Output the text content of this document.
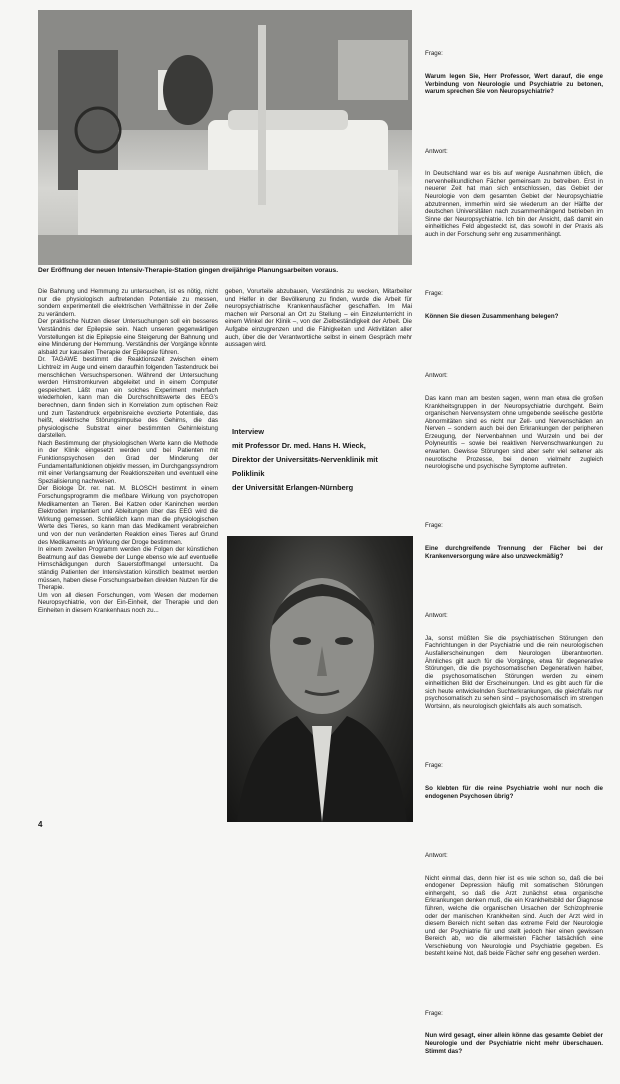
Der Eröffnung der neuen Intensiv-Therapie-Station gingen dreijährige Planungsarbeiten voraus.
Die Bahnung und Hemmung zu untersuchen, ist es nötig, nicht nur die physiologisch auftretenden Potentiale zu messen, sondern experimentell die elektrischen Verhältnisse in der Zelle zu verändern.
Der praktische Nutzen dieser Untersuchungen soll ein besseres Verständnis der Epilepsie sein. Nach unseren gegenwärtigen Vorstellungen ist die Epilepsie eine Steigerung der Bahnung und eine Minderung der Hemmung. Verständnis der Vorgänge könnte alsbald zur kausalen Therapie der Epilepsie führen.
Dr. TAGAWE bestimmt die Reaktionszeit zwischen einem Lichtreiz im Auge und einem daraufhin folgenden Tastendruck bei menschlichen Versuchspersonen. Während der Untersuchung werden Hirnstromkurven abgeleitet und in einem Computer gespeichert. Läßt man ein solches Experiment mehrfach wiederholen, kann man die Durchschnittswerte des EEG's berechnen, dann finden sich in Korrelation zum optischen Reiz und zum Tastendruck ergebnisreiche evozierte Potentiale, das heißt, elektrische Störungsimpulse des Gehirns, die das physiologische Substrat einer bestimmten Gehirnleistung darstellen.
Nach Bestimmung der physiologischen Werte kann die Methode in der Klinik eingesetzt werden und bei Patienten mit Funktionspsychosen den Grad der Minderung der Fundamentalfunktionen objektiv messen, im Durchgangssyndrom mit einer Verlangsamung der Reaktionszeiten und eventuell eine Spezialisierung nachweisen.
Der Biologe Dr. rer. nat. M. BLOSCH bestimmt in einem Forschungsprogramm die meßbare Wirkung von psychotropen Medikamenten an Tieren. Bei Katzen oder Kaninchen werden Elektroden implantiert und Ableitungen über das EEG wird die Wirkung gemessen. Schließlich kann man die physiologischen Werte des Tieres, so kann man das Medikament verabreichen und von der nun veränderten Reaktion eines Tieres auf Grund des Medikaments an Wirkung der Droge bestimmen.
In einem zweiten Programm werden die Folgen der künstlichen Beatmung auf das Gewebe der Lunge ebenso wie auf eventuelle Hirnschädigungen durch Sauerstoffmangel untersucht. Da ständig Patienten der Intensivstation künstlich beatmet werden müssen, haben diese Forschungsarbeiten direkten Nutzen für die Therapie.
Um von all diesen Forschungen, vom Wesen der modernen Neuropsychiatrie, von der Ein-Einheit, der Therapie und den Einheiten in diesem Krankenhaus noch zu...
geben, Vorurteile abzubauen, Verständnis zu wecken, Mitarbeiter und Helfer in der Bevölkerung zu finden, wurde die Arbeit für neuropsychiatrische Krankenhausfächer geschaffen. Im Mai machen wir Personal an Ort zu Stellung – ein Einzelunterricht in einem Winkel der Klinik –, von der Zielbeständigkeit der Arbeit. Die Aufgabe einzugrenzen und die Fähigkeiten und Aktivitäten aller auch, über die der Verantwortliche selbst in einem Gespräch mehr aussagen wird.
Interview
mit Professor Dr. med. Hans H. Wieck,
Direktor der Universitäts-Nervenklinik mit
Poliklinik
der Universität Erlangen-Nürnberg

Frage:

Warum legen Sie, Herr Professor, Wert darauf, die enge Verbindung von Neurologie und Psychiatrie zu betonen, warum sprechen Sie von Neuropsychiatrie?

Antwort:

In Deutschland war es bis auf wenige Ausnahmen üblich, die nervenheilkundlichen Fächer gemeinsam zu betreiben. Erst in neuerer Zeit hat man sich entschlossen, das Gebiet der Neurologie von dem gesamten Gebiet der Neuropsychiatrie abzutrennen, immerhin wird sie wiederum an der Hälfte der deutschen Universitäten nach zusammenhängend betrieben im Sinne der Neuropsychiatrie. Ich bin der Ansicht, daß damit ein einheitliches Feld abgesteckt ist, das sowohl in der Praxis als auch in der Forschung sehr eng zusammenhängt.

Frage:

Können Sie diesen Zusammenhang belegen?

Antwort:

Das kann man am besten sagen, wenn man etwa die großen Krankheitsgruppen in der Neuropsychiatrie durchgeht. Beim organischen Nervensystem ohne umgebende seelische gestörte Abnormitäten sind es nicht nur Zell- und Nervenschäden an Nerven – sondern auch bei den Erkrankungen der peripheren Erzeugung, der Nervenbahnen und Wurzeln und bei der Polyneuritis – sowie bei reaktiven Nervenschwankungen zu erwarten. Gewisse Störungen sind aber sehr viel seltener als neurotische Prozesse, bei denen vielmehr zugleich neurologische und psychische Symptome auftreten.

Frage:

Eine durchgreifende Trennung der Fächer bei der Krankenversorgung wäre also unzweckmäßig?

Antwort:

Ja, sonst müßten Sie die psychiatrischen Störungen den Fachrichtungen in der Psychiatrie und die rein neurologischen Ausfallerscheinungen dem Neurologen überantworten. Ähnliches gilt auch für die Vorgänge, etwa für degenerative Störungen, die die psychosomatischen Degenerativen halber, die psychosomatischen Störungen werden zu einem einheitlichen Bild der Erscheinungen. Und es gibt auch für die sich heute entwickelnden Suchterkrankungen, die gleichfalls nur psychosomatisch zu sehen sind – psychosomatisch im strengen Wortsinn, als neurologisch gleichfalls als auch somatisch.

Frage:

So klebten für die reine Psychiatrie wohl nur noch die endogenen Psychosen übrig?

Antwort:

Nicht einmal das, denn hier ist es wie schon so, daß die bei endogener Depression häufig mit somatischen Störungen einhergeht, so daß die Arzt zunächst etwa organische Erkrankungen denken muß, die ein Krankheitsbild der Diagnose führen, welche die organischen Ursachen der Schizophrenie oder der manischen Krankheiten sind. Auch der Arzt wird in diesem Bereich nicht selten das extreme Feld der Neurologie und der Psychiatrie für und stellt jedoch hier einen gewissen Bereich ab, wo die allermeisten Fächer tatsächlich eine Verschiebung von Neurologie und Psychiatrie gegeben. Es besteht keine Not, daß beide Fächer sehr eng gesehen werden.

Frage:

Nun wird gesagt, einer allein könne das gesamte Gebiet der Neurologie und der Psychiatrie nicht mehr überschauen. Stimmt das?

4
